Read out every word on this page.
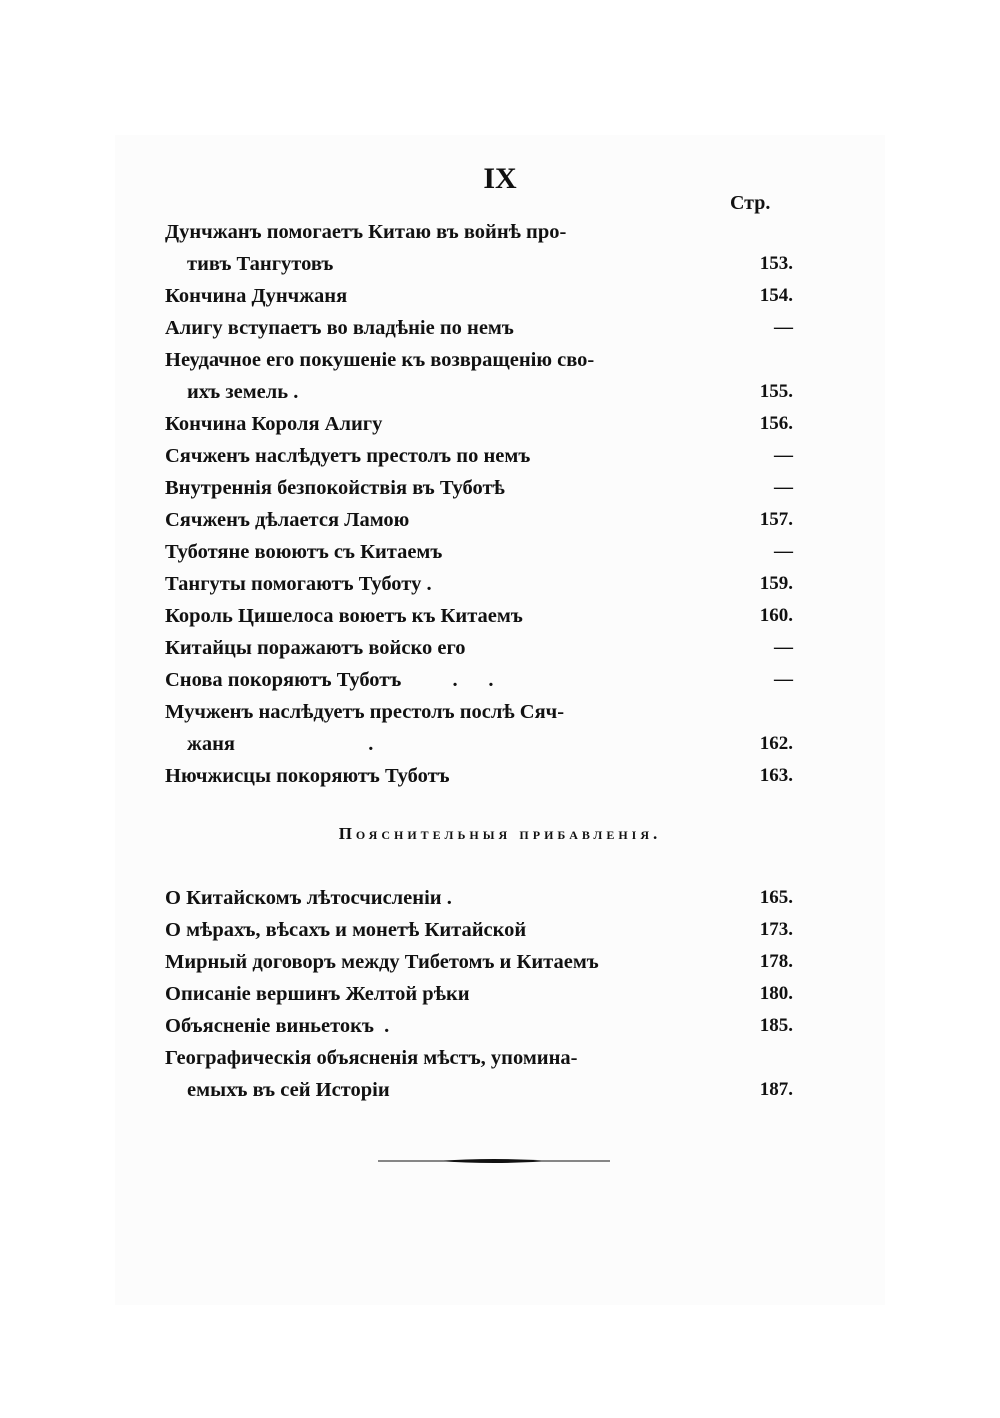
IX
Стр.
Дунчжанъ помогаетъ Китаю въ войнѣ про-
тивъ Тангутовъ	153.
Кончина Дунчжаня	154.
Алигу вступаетъ во владѣніе по немъ	—
Неудачное его покушеніе къ возвращенію сво-
ихъ земель .	155.
Кончина Короля Алигу	156.
Сячженъ наслѣдуетъ престолъ по немъ	—
Внутреннія безпокойствія въ Туботѣ	—
Сячженъ дѣлается Ламою	157.
Туботяне воюютъ съ Китаемъ	—
Тангуты помогаютъ Туботу .	159.
Король Цишелоса воюетъ къ Китаемъ	160.
Китайцы поражаютъ войско его	—
Снова покоряютъ Туботъ          .      .	—
Мучженъ наслѣдуетъ престолъ послѣ Сяч-
жаня                          .	162.
Нючжисцы покоряютъ Туботъ	163.
Пояснительныя прибавленія.
О Китайскомъ лѣтосчисленіи .	165.
О мѣрахъ, вѣсахъ и монетѣ Китайской	173.
Мирный договоръ между Тибетомъ и Китаемъ	178.
Описаніе вершинъ Желтой рѣки	180.
Объясненіе виньетокъ  .	185.
Географическія объясненія мѣстъ, упомина-
емыхъ въ сей Исторіи	187.
